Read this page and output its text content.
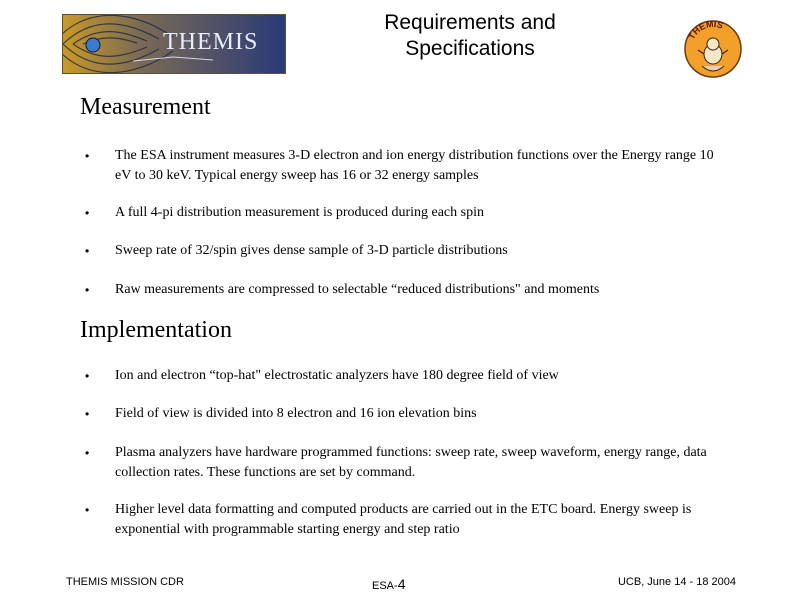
THEMIS
Requirements and
Specifications
THEMIS
Measurement
• The ESA instrument measures 3-D electron and ion energy distribution functions over the Energy range 10 eV to 30 keV. Typical energy sweep has 16 or 32 energy samples
• A full 4-pi distribution measurement is produced during each spin
• Sweep rate of 32/spin gives dense sample of 3-D particle distributions
• Raw measurements are compressed to selectable “reduced distributions" and moments
Implementation
• Ion and electron “top-hat" electrostatic analyzers have 180 degree field of view
• Field of view is divided into 8 electron and 16 ion elevation bins
• Plasma analyzers have hardware programmed functions: sweep rate, sweep waveform, energy range, data collection rates. These functions are set by command.
• Higher level data formatting and computed products are carried out in the ETC board. Energy sweep is exponential with programmable starting energy and step ratio
THEMIS MISSION CDR	ESA-4	UCB, June 14 - 18 2004
